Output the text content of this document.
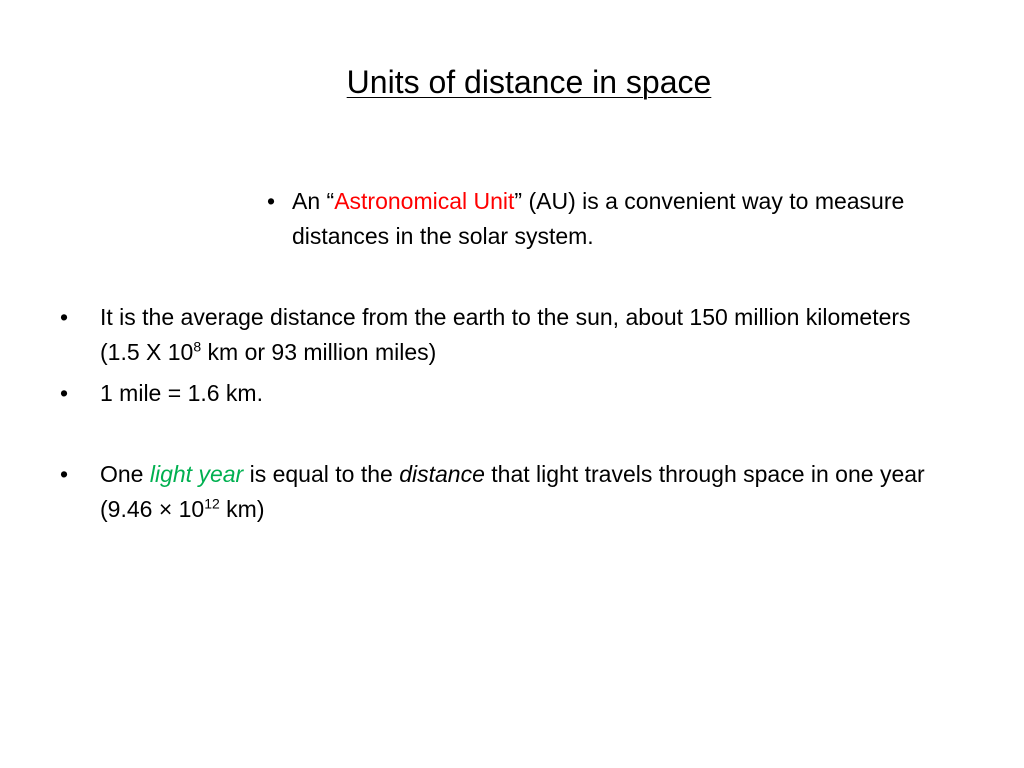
Units of distance in space
• An “Astronomical Unit” (AU) is a convenient way to measure distances in the solar system.
• It is the average distance from the earth to the sun, about 150 million kilometers (1.5 X $10^8$ km or 93 million miles)
• 1 mile = 1.6 km.
• One light year is equal to the distance that light travels through space in one year ($9.46 \times 10^{12}$ km)
